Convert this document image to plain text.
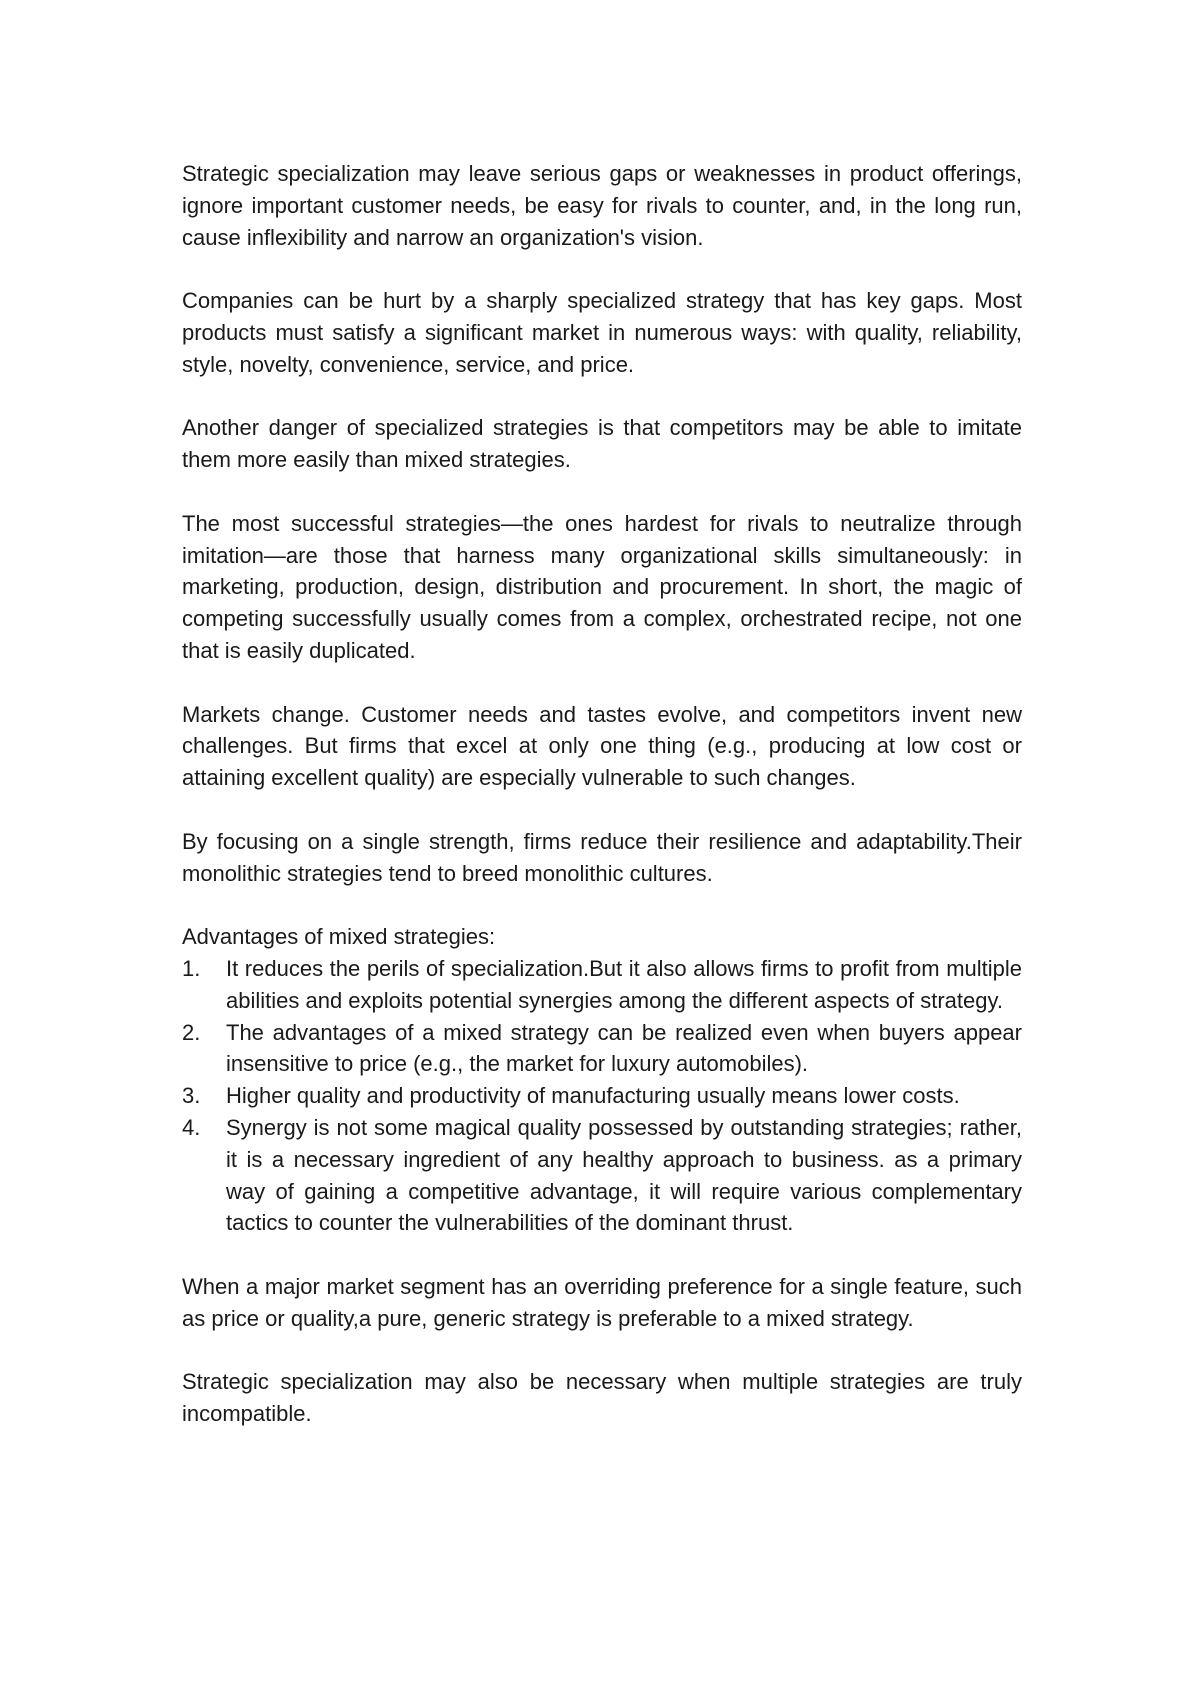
Strategic specialization may leave serious gaps or weaknesses in product offerings, ignore important customer needs, be easy for rivals to counter, and, in the long run, cause inflexibility and narrow an organization's vision.

Companies can be hurt by a sharply specialized strategy that has key gaps. Most products must satisfy a significant market in numerous ways: with quality, reliability, style, novelty, convenience, service, and price.

Another danger of specialized strategies is that competitors may be able to imitate them more easily than mixed strategies.

The most successful strategies—the ones hardest for rivals to neutralize through imitation—are those that harness many organizational skills simultaneously: in marketing, production, design, distribution and procurement. In short, the magic of competing successfully usually comes from a complex, orchestrated recipe, not one that is easily duplicated.

Markets change. Customer needs and tastes evolve, and competitors invent new challenges. But firms that excel at only one thing (e.g., producing at low cost or attaining excellent quality) are especially vulnerable to such changes.

By focusing on a single strength, firms reduce their resilience and adaptability.Their monolithic strategies tend to breed monolithic cultures.

Advantages of mixed strategies:

1.	It reduces the perils of specialization.But it also allows firms to profit from multiple abilities and exploits potential synergies among the different aspects of strategy.
2.	The advantages of a mixed strategy can be realized even when buyers appear insensitive to price (e.g., the market for luxury automobiles).
3.	Higher quality and productivity of manufacturing usually means lower costs.
4.	Synergy is not some magical quality possessed by outstanding strategies; rather, it is a necessary ingredient of any healthy approach to business. as a primary way of gaining a competitive advantage, it will require various complementary tactics to counter the vulnerabilities of the dominant thrust.

When a major market segment has an overriding preference for a single feature, such as price or quality,a pure, generic strategy is preferable to a mixed strategy.

Strategic specialization may also be necessary when multiple strategies are truly incompatible.
